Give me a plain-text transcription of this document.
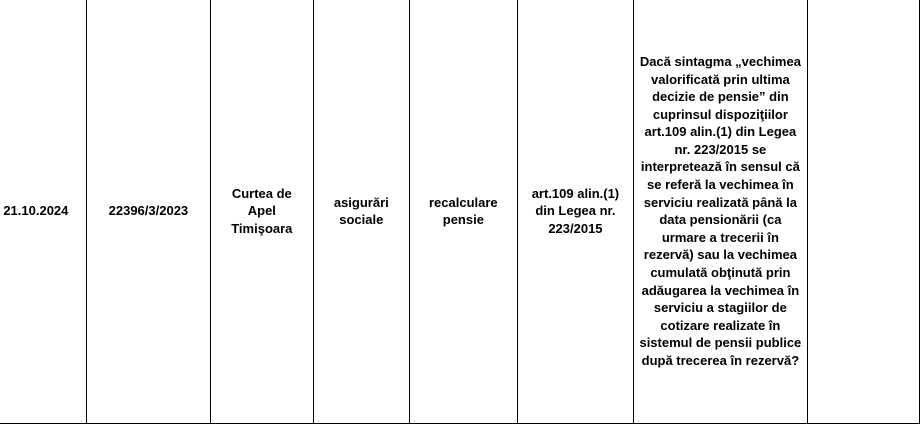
21.10.2024	22396/3/2023	Curtea de
Apel
Timişoara	asigurări
sociale	recalculare
pensie	art.109 alin.(1)
din Legea nr.
223/2015	Dacă sintagma „vechimea valorificată prin ultima decizie de pensie” din cuprinsul dispoziţiilor art.109 alin.(1) din Legea nr. 223/2015 se interpretează în sensul că se referă la vechimea în serviciu realizată până la data pensionării (ca urmare a trecerii în rezervă) sau la vechimea cumulată obţinută prin adăugarea la vechimea în serviciu a stagiilor de cotizare realizate în sistemul de pensii publice după trecerea în rezervă?	
